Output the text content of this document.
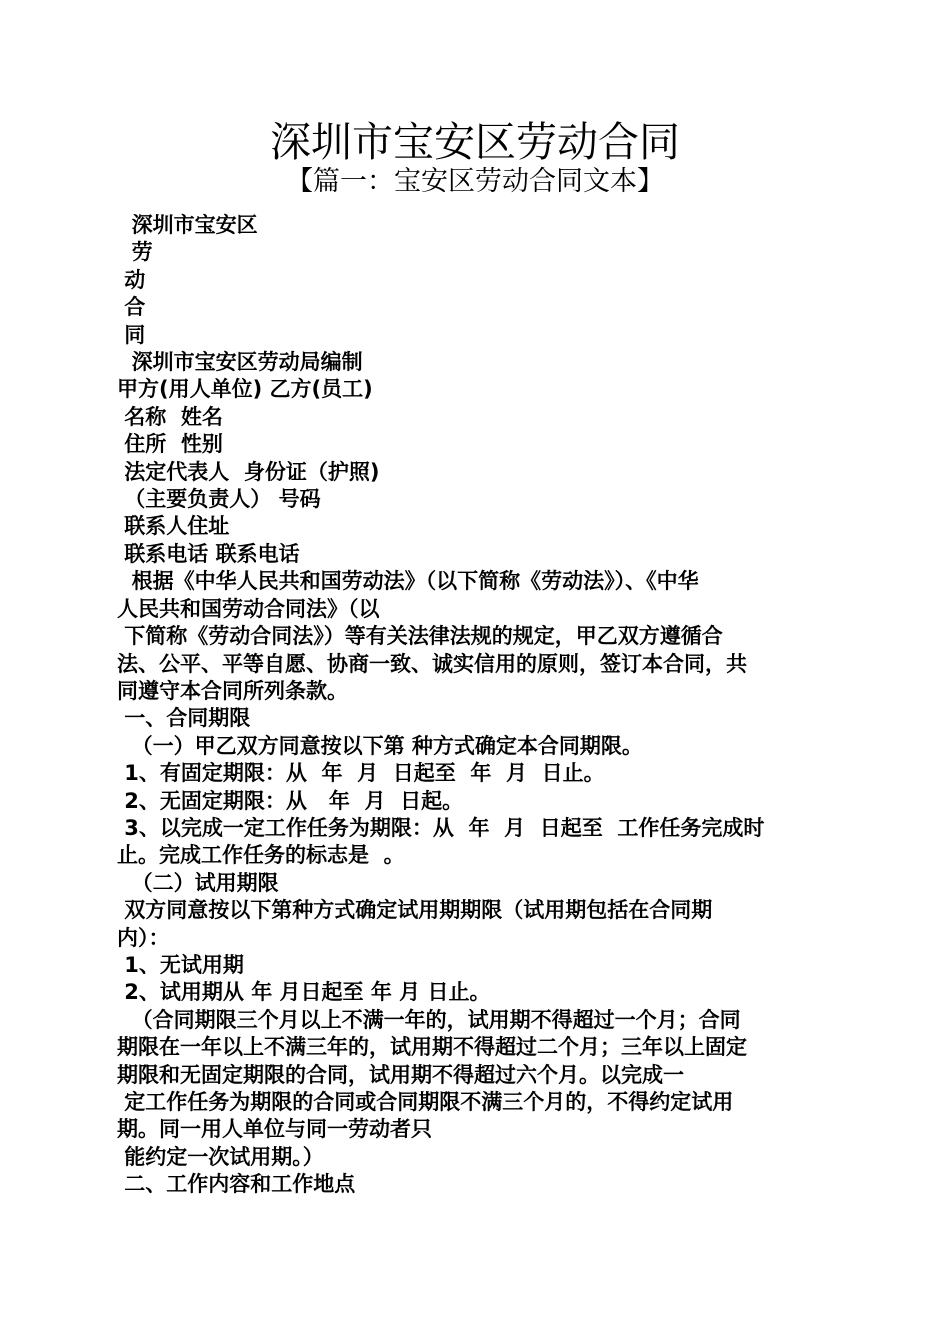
深圳市宝安区劳动合同
【篇一：宝安区劳动合同文本】
深圳市宝安区
劳
动
合
同
深圳市宝安区劳动局编制
甲方(用人单位) 乙方(员工)
名称  姓名
住所  性别
法定代表人  身份证（护照)
（主要负责人） 号码
联系人住址
联系电话 联系电话
根据《中华人民共和国劳动法》（以下简称《劳动法》）、《中华
人民共和国劳动合同法》（以
下简称《劳动合同法》）等有关法律法规的规定，甲乙双方遵循合
法、公平、平等自愿、协商一致、诚实信用的原则，签订本合同，共
同遵守本合同所列条款。
一、合同期限
（一）甲乙双方同意按以下第 种方式确定本合同期限。
1、有固定期限：从  年  月  日起至  年  月  日止。
2、无固定期限：从   年  月  日起。
3、以完成一定工作任务为期限：从  年  月  日起至  工作任务完成时
止。完成工作任务的标志是  。
（二）试用期限
双方同意按以下第种方式确定试用期期限（试用期包括在合同期
内）：
1、无试用期
2、试用期从 年 月日起至 年 月 日止。
（合同期限三个月以上不满一年的，试用期不得超过一个月；合同
期限在一年以上不满三年的，试用期不得超过二个月；三年以上固定
期限和无固定期限的合同，试用期不得超过六个月。以完成一
定工作任务为期限的合同或合同期限不满三个月的，不得约定试用
期。同一用人单位与同一劳动者只
能约定一次试用期。）
二、工作内容和工作地点
